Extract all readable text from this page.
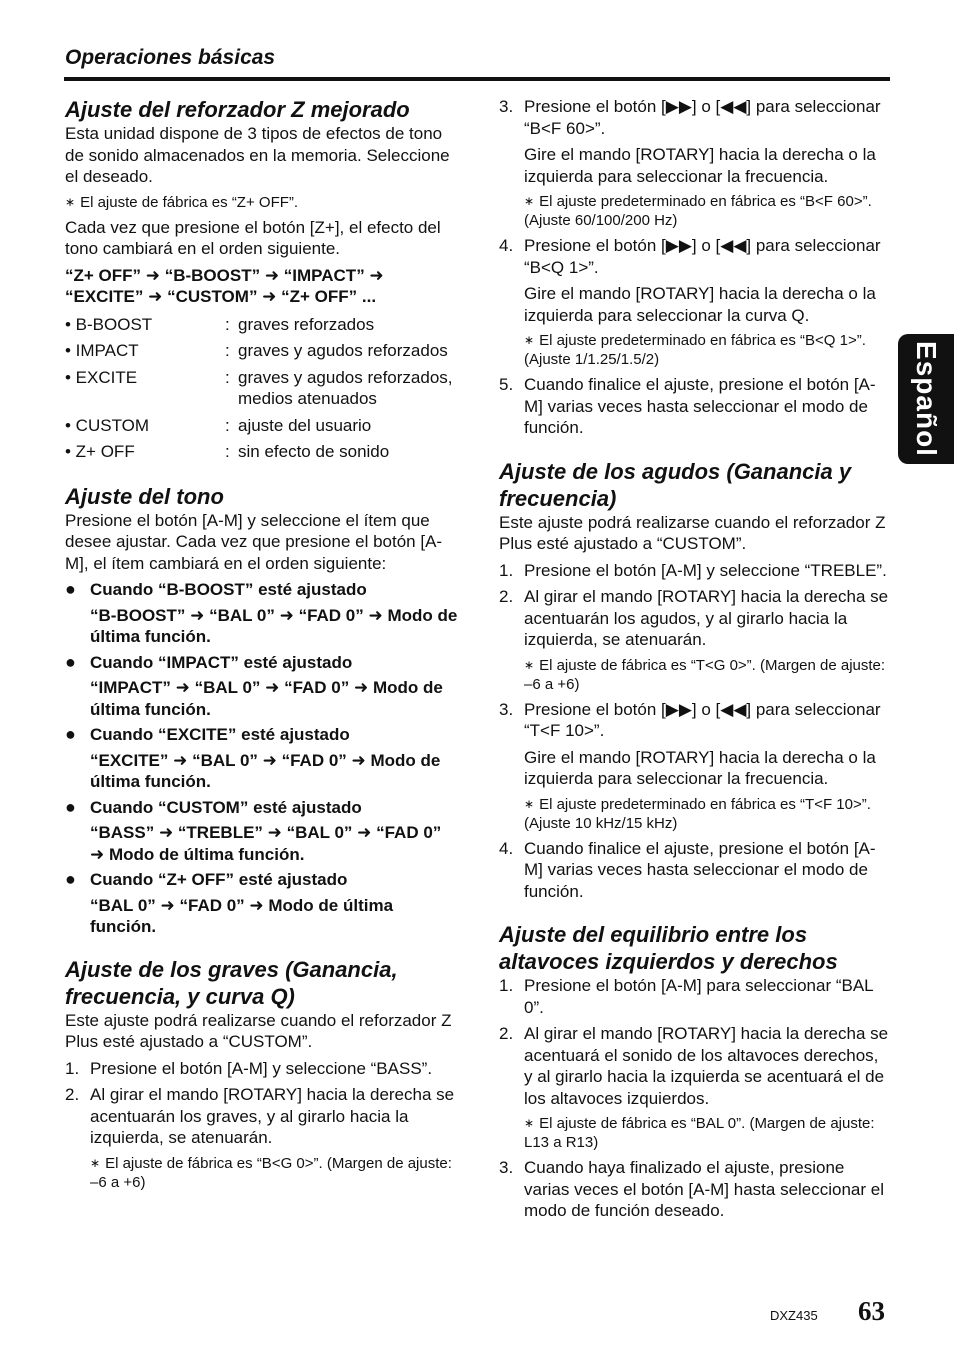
Operaciones básicas
Español
Ajuste del reforzador Z mejorado

Esta unidad dispone de 3 tipos de efectos de tono de sonido almacenados en la memoria. Seleccione el deseado.

∗ El ajuste de fábrica es “Z+ OFF”.

Cada vez que presione el botón [Z+], el efecto del tono cambiará en el orden siguiente.

“Z+ OFF” ➜ “B-BOOST” ➜ “IMPACT” ➜ “EXCITE” ➜ “CUSTOM” ➜ “Z+ OFF” ...

• B-BOOST	: graves reforzados
• IMPACT	: graves y agudos reforzados
• EXCITE	: graves y agudos reforzados, medios atenuados
• CUSTOM	: ajuste del usuario
• Z+ OFF	: sin efecto de sonido
Ajuste del tono

Presione el botón [A-M] y seleccione el ítem que desee ajustar. Cada vez que presione el botón [A-M], el ítem cambiará en el orden siguiente:

● Cuando “B-BOOST” esté ajustado
“B-BOOST” ➜ “BAL 0” ➜ “FAD 0” ➜ Modo de última función.
● Cuando “IMPACT” esté ajustado
“IMPACT” ➜ “BAL 0” ➜ “FAD 0” ➜ Modo de última función.
● Cuando “EXCITE” esté ajustado
“EXCITE” ➜ “BAL 0” ➜ “FAD 0” ➜ Modo de última función.
● Cuando “CUSTOM” esté ajustado
“BASS” ➜ “TREBLE” ➜ “BAL 0” ➜ “FAD 0” ➜ Modo de última función.
● Cuando “Z+ OFF” esté ajustado
“BAL 0” ➜ “FAD 0” ➜ Modo de última función.
Ajuste de los graves (Ganancia, frecuencia, y curva Q)

Este ajuste podrá realizarse cuando el reforzador Z Plus esté ajustado a “CUSTOM”.

1. Presione el botón [A-M] y seleccione “BASS”.
2. Al girar el mando [ROTARY] hacia la derecha se acentuarán los graves, y al girarlo hacia la izquierda, se atenuarán.
∗ El ajuste de fábrica es “B<G 0>”. (Margen de ajuste: –6 a +6)
3. Presione el botón [▶▶] o [◀◀] para seleccionar “B<F 60>”.
Gire el mando [ROTARY] hacia la derecha o la izquierda para seleccionar la frecuencia.
∗ El ajuste predeterminado en fábrica es “B<F 60>”. (Ajuste 60/100/200 Hz)
4. Presione el botón [▶▶] o [◀◀] para seleccionar “B<Q 1>”.
Gire el mando [ROTARY] hacia la derecha o la izquierda para seleccionar la curva Q.
∗ El ajuste predeterminado en fábrica es “B<Q 1>”. (Ajuste 1/1.25/1.5/2)
5. Cuando finalice el ajuste, presione el botón [A-M] varias veces hasta seleccionar el modo de función.
Ajuste de los agudos (Ganancia y frecuencia)

Este ajuste podrá realizarse cuando el reforzador Z Plus esté ajustado a “CUSTOM”.

1. Presione el botón [A-M] y seleccione “TREBLE”.
2. Al girar el mando [ROTARY] hacia la derecha se acentuarán los agudos, y al girarlo hacia la izquierda, se atenuarán.
∗ El ajuste de fábrica es “T<G 0>”. (Margen de ajuste: –6 a +6)
3. Presione el botón [▶▶] o [◀◀] para seleccionar “T<F 10>”.
Gire el mando [ROTARY] hacia la derecha o la izquierda para seleccionar la frecuencia.
∗ El ajuste predeterminado en fábrica es “T<F 10>”. (Ajuste 10 kHz/15 kHz)
4. Cuando finalice el ajuste, presione el botón [A-M] varias veces hasta seleccionar el modo de función.
Ajuste del equilibrio entre los altavoces izquierdos y derechos
1. Presione el botón [A-M] para seleccionar “BAL 0”.
2. Al girar el mando [ROTARY] hacia la derecha se acentuará el sonido de los altavoces derechos, y al girarlo hacia la izquierda se acentuará el de los altavoces izquierdos.
∗ El ajuste de fábrica es “BAL 0”. (Margen de ajuste: L13 a R13)
3. Cuando haya finalizado el ajuste, presione varias veces el botón [A-M] hasta seleccionar el modo de función deseado.
DXZ435 63
